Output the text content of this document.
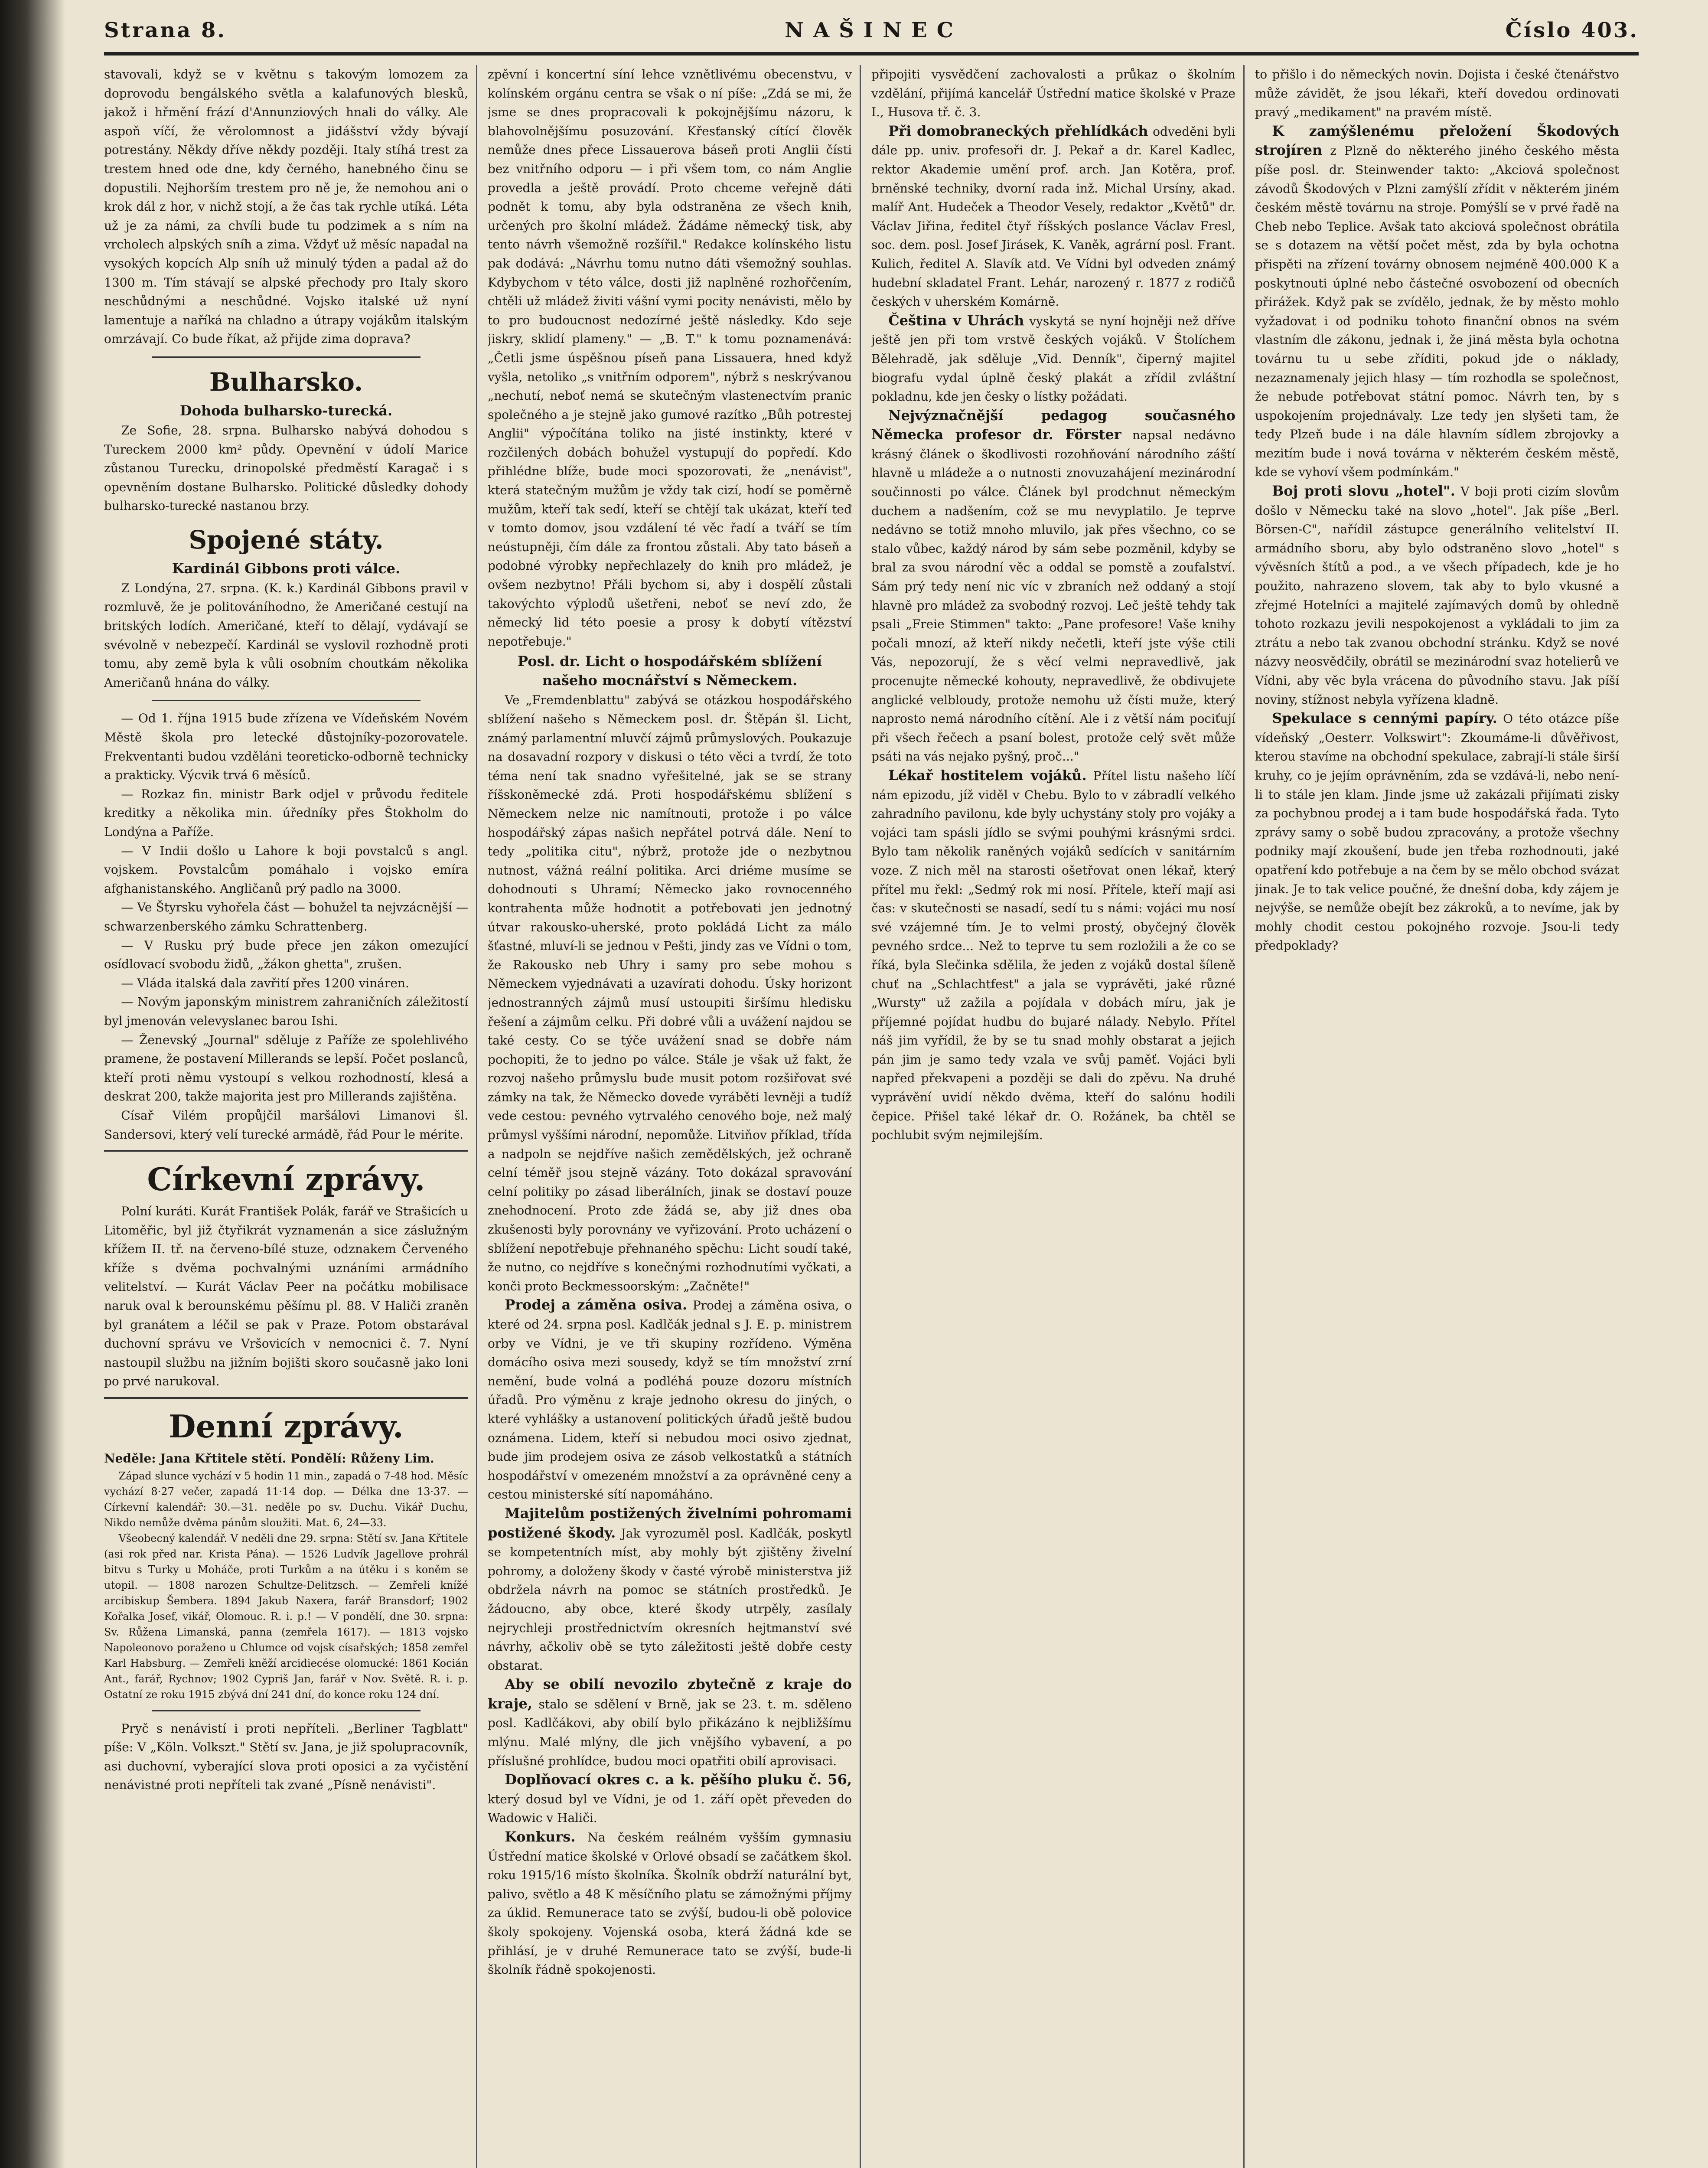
Strana 8.	NAŠINEC	Číslo 403.

stavovali, když se v květnu s takovým lomozem za doprovodu bengálského světla a kalafunových blesků, jakož i hřmění frází d'Annunziových hnali do války. Ale aspoň víčí, že věrolomnost a jidášství vždy bývají potrestány. Někdy dříve někdy později. Italy stíhá trest za trestem hned ode dne, kdy černého, hanebného činu se dopustili. Nejhorším trestem pro ně je, že nemohou ani o krok dál z hor, v nichž stojí, a že čas tak rychle utíká. Léta už je za námi, za chvíli bude tu podzimek a s ním na vrcholech alpských sníh a zima. Vždyť už měsíc napadal na vysokých kopcích Alp sníh už minulý týden a padal až do 1300 m. Tím stávají se alpské přechody pro Italy skoro neschůdnými a neschůdné. Vojsko italské už nyní lamentuje a naříká na chladno a útrapy vojákům italským omrzávají. Co bude říkat, až přijde zima doprava?

Bulharsko.
Dohoda bulharsko-turecká.

Ze Sofie, 28. srpna. Bulharsko nabývá dohodou s Tureckem 2000 km² půdy. Opevnění v údolí Marice zůstanou Turecku, drinopolské předměstí Karagač i s opevněním dostane Bulharsko. Politické důsledky dohody bulharsko-turecké nastanou brzy.

Spojené státy.
Kardinál Gibbons proti válce.

Z Londýna, 27. srpna. (K. k.) Kardinál Gibbons pravil v rozmluvě, že je politováníhodno, že Američané cestují na britských lodích. Američané, kteří to dělají, vydávají se svévolně v nebezpečí. Kardinál se vyslovil rozhodně proti tomu, aby země byla k vůli osobním choutkám několika Američanů hnána do války.

— Od 1. října 1915 bude zřízena ve Vídeňském Novém Městě škola pro letecké důstojníky-pozorovatele. Frekventanti budou vzděláni teoreticko-odborně technicky a prakticky. Výcvik trvá 6 měsíců.

— Rozkaz fin. ministr Bark odjel v průvodu ředitele kreditky a několika min. úředníky přes Štokholm do Londýna a Paříže.

— V Indii došlo u Lahore k boji povstalců s angl. vojskem. Povstalcům pomáhalo i vojsko emíra afghanistanského. Angličanů prý padlo na 3000.

— Ve Štyrsku vyhořela část — bohužel ta nejvzácnější — schwarzenberského zámku Schrattenberg.

— V Rusku prý bude přece jen zákon omezující osídlovací svobodu židů, „žákon ghetta", zrušen.

— Vláda italská dala zavřití přes 1200 vináren.

— Novým japonským ministrem zahraničních záležitostí byl jmenován velevyslanec barou Ishi.

— Ženevský „Journal" sděluje z Paříže ze spolehlivého pramene, že postavení Millerands se lepší. Počet poslanců, kteří proti němu vystoupí s velkou rozhodností, klesá a deskrat 200, takže majorita jest pro Millerands zajištěna.

Císař Vilém propůjčil maršálovi Limanovi šl. Sandersovi, který velí turecké armádě, řád Pour le mérite.

Církevní zprávy.

Polní kuráti. Kurát František Polák, farář ve Strašicích u Litoměřic, byl již čtyřikrát vyznamenán a sice záslužným křížem II. tř. na červeno-bílé stuze, odznakem Červeného kříže s dvěma pochvalnými uznáními armádního velitelství. — Kurát Václav Peer na počátku mobilisace naruk oval k berounskému pěšímu pl. 88. V Haliči zraněn byl granátem a léčil se pak v Praze. Potom obstarával duchovní správu ve Vršovicích v nemocnici č. 7. Nyní nastoupil službu na jižním bojišti skoro současně jako loni po prvé narukoval.

Denní zprávy.

Neděle: Jana Křtitele stětí. Pondělí: Růženy Lim.

Západ slunce vychází v 5 hodin 11 min., zapadá o 7-48 hod. Měsíc vychází 8·27 večer, zapadá 11·14 dop. — Délka dne 13·37. — Církevní kalendář: 30.—31. neděle po sv. Duchu. Vikář Duchu, Nikdo nemůže dvěma pánům sloužiti. Mat. 6, 24—33.

Všeobecný kalendář. V neděli dne 29. srpna: Stětí sv. Jana Křtitele (asi rok před nar. Krista Pána). — 1526 Ludvík Jagellove prohrál bitvu s Turky u Moháče, proti Turkům a na útěku i s koněm se utopil. — 1808 narozen Schultze-Delitzsch. — Zemřeli knížé arcibiskup Šembera. 1894 Jakub Naxera, farář Bransdorf; 1902 Kořalka Josef, vikář, Olomouc. R. i. p.! — V pondělí, dne 30. srpna: Sv. Růžena Limanská, panna (zemřela 1617). — 1813 vojsko Napoleonovo poraženo u Chlumce od vojsk císařských; 1858 zemřel Karl Habsburg. — Zemřeli kněží arcidiecése olomucké: 1861 Kocián Ant., farář, Rychnov; 1902 Cypriš Jan, farář v Nov. Světě. R. i. p. Ostatní ze roku 1915 zbývá dní 241 dní, do konce roku 124 dní.

Pryč s nenávistí i proti nepříteli. „Berliner Tagblatt" píše: V „Köln. Volkszt." Stětí sv. Jana, je již spolupracovník, asi duchovní, vyberající slova proti oposici a za vyčistění nenávistné proti nepříteli tak zvané „Písně nenávisti".

zpěvní i koncertní síní lehce vznětlivému obecenstvu, v kolínském orgánu centra se však o ní píše: „Zdá se mi, že jsme se dnes propracovali k pokojnějšímu názoru, k blahovolnějšímu posuzování. Křesťanský cítící člověk nemůže dnes přece Lissauerova báseň proti Anglii čísti bez vnitřního odporu — i při všem tom, co nám Anglie provedla a ještě provádí. Proto chceme veřejně dáti podnět k tomu, aby byla odstraněna ze všech knih, určených pro školní mládež. Žádáme německý tisk, aby tento návrh všemožně rozšířil." Redakce kolínského listu pak dodává: „Návrhu tomu nutno dáti všemožný souhlas. Kdybychom v této válce, dosti již naplněné rozhořčením, chtěli už mládež živiti vášní vymi pocity nenávisti, mělo by to pro budoucnost nedozírné ještě následky. Kdo seje jiskry, sklidí plameny." — „B. T." k tomu poznamenává: „Četli jsme úspěšnou píseň pana Lissauera, hned když vyšla, netoliko „s vnitřním odporem", nýbrž s neskrývanou „nechutí, neboť nemá se skutečným vlastenectvím pranic společného a je stejně jako gumové razítko „Bůh potrestej Anglii" výpočítána toliko na jisté instinkty, které v rozčilených dobách bohužel vystupují do popředí. Kdo přihlédne blíže, bude moci spozorovati, že „nenávist", která statečným mužům je vždy tak cizí, hodí se poměrně mužům, kteří tak sedí, kteří se chtějí tak ukázat, kteří teď v tomto domov, jsou vzdálení té věc řadí a tváří se tím neústupněji, čím dále za frontou zůstali. Aby tato báseň a podobné výrobky nepřechlazely do knih pro mládež, je ovšem nezbytno! Přáli bychom si, aby i dospělí zůstali takovýchto výplodů ušetřeni, neboť se neví zdo, že německý lid této poesie a prosy k dobytí vítězství nepotřebuje."

Posl. dr. Licht o hospodářském sblížení našeho mocnářství s Německem.

Ve „Fremdenblattu" zabývá se otázkou hospodářského sblížení našeho s Německem posl. dr. Štěpán šl. Licht, známý parlamentní mluvčí zájmů průmyslových. Poukazuje na dosavadní rozpory v diskusi o této věci a tvrdí, že toto téma není tak snadno vyřešitelné, jak se se strany říšskoněmecké zdá. Proti hospodářskému sblížení s Německem nelze nic namítnouti, protože i po válce hospodářský zápas našich nepřátel potrvá dále. Není to tedy „politika citu", nýbrž, protože jde o nezbytnou nutnost, vážná reální politika. Arci driéme musíme se dohodnouti s Uhramí; Německo jako rovnocenného kontrahenta může hodnotit a potřebovati jen jednotný útvar rakousko-uherské, proto pokládá Licht za málo šťastné, mluví-li se jednou v Pešti, jindy zas ve Vídni o tom, že Rakousko neb Uhry i samy pro sebe mohou s Německem vyjednávati a uzavírati dohodu. Úsky horizont jednostranných zájmů musí ustoupiti širšímu hledisku řešení a zájmům celku. Při dobré vůli a uvážení najdou se také cesty. Co se týče uvážení snad se dobře nám pochopiti, že to jedno po válce. Stále je však už fakt, že rozvoj našeho průmyslu bude musit potom rozšiřovat své zámky na tak, že Německo dovede vyráběti levněji a tudíž vede cestou: pevného vytrvalého cenového boje, než malý průmysl vyššími národní, nepomůže. Litviňov příklad, třída a nadpoln se nejdříve našich zemědělských, jež ochraně celní téměř jsou stejně vázány. Toto dokázal spravování celní politiky po zásad liberálních, jinak se dostaví pouze znehodnocení. Proto zde žádá se, aby již dnes oba zkušenosti byly porovnány ve vyřizování. Proto ucházení o sblížení nepotřebuje přehnaného spěchu: Licht soudí také, že nutno, co nejdříve s konečnými rozhodnutími vyčkati, a konči proto Beckmessoorským: „Začněte!"

Prodej a záměna osiva. Prodej a záměna osiva, o které od 24. srpna posl. Kadlčák jednal s J. E. p. ministrem orby ve Vídni, je ve tři skupiny rozřídeno. Výměna domácího osiva mezi sousedy, když se tím množství zrní nemění, bude volná a podléhá pouze dozoru místních úřadů. Pro výměnu z kraje jednoho okresu do jiných, o které vyhlášky a ustanovení politických úřadů ještě budou oznámena. Lidem, kteří si nebudou moci osivo zjednat, bude jim prodejem osiva ze zásob velkostatků a státních hospodářství v omezeném množství a za oprávněné ceny a cestou ministerské sítí napomáháno.

Majitelům postižených živelními pohromami postižené škody. Jak vyrozuměl posl. Kadlčák, poskytl se kompetentních míst, aby mohly být zjištěny živelní pohromy, a doloženy škody v časté výrobě ministerstva již obdržela návrh na pomoc se státních prostředků. Je žádoucno, aby obce, které škody utrpěly, zasílaly nejrychleji prostřednictvím okresních hejtmanství své návrhy, ačkoliv obě se tyto záležitosti ještě dobře cesty obstarat.

Aby se obilí nevozilo zbytečně z kraje do kraje, stalo se sdělení v Brně, jak se 23. t. m. sděleno posl. Kadlčákovi, aby obilí bylo přikázáno k nejbližšímu mlýnu. Malé mlýny, dle jich vnějšího vybavení, a po příslušné prohlídce, budou moci opatřiti obilí aprovisaci.

Doplňovací okres c. a k. pěšího pluku č. 56, který dosud byl ve Vídni, je od 1. září opět převeden do Wadowic v Haliči.

Konkurs. Na českém reálném vyšším gymnasiu Ústřední matice školské v Orlové obsadí se začátkem škol. roku 1915/16 místo školníka. Školník obdrží naturální byt, palivo, světlo a 48 K měsíčního platu se zámožnými příjmy za úklid. Remunerace tato se zvýší, budou-li obě polovice školy spokojeny. Vojenská osoba, která žádná kde se přihlásí, je v druhé Remunerace tato se zvýší, bude-li školník řádně spokojenosti.

připojiti vysvědčení zachovalosti a průkaz o školním vzdělání, přijímá kancelář Ústřední matice školské v Praze I., Husova tř. č. 3.

Při domobraneckých přehlídkách odveděni byli dále pp. univ. profesoři dr. J. Pekař a dr. Karel Kadlec, rektor Akademie umění prof. arch. Jan Kotěra, prof. brněnské techniky, dvorní rada inž. Michal Ursíny, akad. malíř Ant. Hudeček a Theodor Vesely, redaktor „Květů" dr. Václav Jiřina, ředitel čtyř říšských poslance Václav Fresl, soc. dem. posl. Josef Jirásek, K. Vaněk, agrární posl. Frant. Kulich, ředitel A. Slavík atd. Ve Vídni byl odveden známý hudební skladatel Frant. Lehár, narozený r. 1877 z rodičů českých v uherském Komárně.

Čeština v Uhrách vyskytá se nyní hojněji než dříve ještě jen při tom vrstvě českých vojáků. V Štolíchem Bělehradě, jak sděluje „Vid. Denník", čiperný majitel biografu vydal úplně český plakát a zřídil zvláštní pokladnu, kde jen česky o lístky požádati.

Nejvýznačnější pedagog současného Německa profesor dr. Förster napsal nedávno krásný článek o škodlivosti rozohňování národního záští hlavně u mládeže a o nutnosti znovuzahájení mezinárodní součinnosti po válce. Článek byl prodchnut německým duchem a nadšením, což se mu nevyplatilo. Je teprve nedávno se totiž mnoho mluvilo, jak přes všechno, co se stalo vůbec, každý národ by sám sebe pozměnil, kdyby se bral za svou národní věc a oddal se pomstě a zoufalství. Sám prý tedy není nic víc v zbraních než oddaný a stojí hlavně pro mládež za svobodný rozvoj. Leč ještě tehdy tak psali „Freie Stimmen" takto: „Pane profesore! Vaše knihy počali mnozí, až kteří nikdy nečetli, kteří jste výše ctili Vás, nepozorují, že s věcí velmi nepravedlivě, jak procenujte německé kohouty, nepravedlivě, že obdivujete anglické velbloudy, protože nemohu už čísti muže, který naprosto nemá národního cítění. Ale i z větší nám pociťují při všech řečech a psaní bolest, protože celý svět může psáti na vás nejako pyšný, proč..."

Lékař hostitelem vojáků. Přítel listu našeho líčí nám epizodu, jíž viděl v Chebu. Bylo to v zábradlí velkého zahradního pavilonu, kde byly uchystány stoly pro vojáky a vojáci tam spásli jídlo se svými pouhými krásnými srdci. Bylo tam několik raněných vojáků sedících v sanitárním voze. Z nich měl na starosti ošetřovat onen lékař, který přítel mu řekl: „Sedmý rok mi nosí. Přítele, kteří mají asi čas: v skutečnosti se nasadí, sedí tu s námi: vojáci mu nosí své vzájemné tím. Je to velmi prostý, obyčejný člověk pevného srdce... Než to teprve tu sem rozložili a že co se říká, byla Slečinka sdělila, že jeden z vojáků dostal šíleně chuť na „Schlachtfest" a jala se vyprávěti, jaké různé „Wursty" už zažila a pojídala v dobách míru, jak je příjemné pojídat hudbu do bujaré nálady. Nebylo. Přítel náš jim vyřídil, že by se tu snad mohly obstarat a jejich pán jim je samo tedy vzala ve svůj paměť. Vojáci byli napřed překvapeni a později se dali do zpěvu. Na druhé vyprávění uvidí někdo dvěma, kteří do salónu hodili čepice. Přišel také lékař dr. O. Rožánek, ba chtěl se pochlubit svým nejmilejším.

to přišlo i do německých novin. Dojista i české čtenářstvo může závidět, že jsou lékaři, kteří dovedou ordinovati pravý „medikament" na pravém místě.

K zamýšlenému přeložení Škodových strojíren z Plzně do některého jiného českého města píše posl. dr. Steinwender takto: „Akciová společnost závodů Škodových v Plzni zamýšlí zřídit v některém jiném českém městě továrnu na stroje. Pomýšlí se v prvé řadě na Cheb nebo Teplice. Avšak tato akciová společnost obrátila se s dotazem na větší počet měst, zda by byla ochotna přispěti na zřízení továrny obnosem nejméně 400.000 K a poskytnouti úplné nebo částečné osvobození od obecních přirážek. Když pak se zvídělo, jednak, že by město mohlo vyžadovat i od podniku tohoto finanční obnos na svém vlastním dle zákonu, jednak i, že jiná města byla ochotna továrnu tu u sebe zříditi, pokud jde o náklady, nezaznamenaly jejich hlasy — tím rozhodla se společnost, že nebude potřebovat státní pomoc. Návrh ten, by s uspokojením projednávaly. Lze tedy jen slyšeti tam, že tedy Plzeň bude i na dále hlavním sídlem zbrojovky a mezitím bude i nová továrna v některém českém městě, kde se vyhoví všem podmínkám."

Boj proti slovu „hotel". V boji proti cizím slovům došlo v Německu také na slovo „hotel". Jak píše „Berl. Börsen-C", nařídil zástupce generálního velitelství II. armádního sboru, aby bylo odstraněno slovo „hotel" s vývěsních štítů a pod., a ve všech případech, kde je ho použito, nahrazeno slovem, tak aby to bylo vkusné a zřejmé Hotelníci a majitelé zajímavých domů by ohledně tohoto rozkazu jevili nespokojenost a vykládali to jim za ztrátu a nebo tak zvanou obchodní stránku. Když se nové názvy neosvědčily, obrátil se mezinárodní svaz hotelierů ve Vídni, aby věc byla vrácena do původního stavu. Jak píší noviny, stížnost nebyla vyřízena kladně.

Spekulace s cennými papíry. O této otázce píše vídeňský „Oesterr. Volkswirt": Zkoumáme-li důvěřivost, kterou stavíme na obchodní spekulace, zabrají-li stále širší kruhy, co je jejím oprávněním, zda se vzdává-li, nebo není-li to stále jen klam. Jinde jsme už zakázali přijímati zisky za pochybnou prodej a i tam bude hospodářská řada. Tyto zprávy samy o sobě budou zpracovány, a protože všechny podniky mají zkoušení, bude jen třeba rozhodnouti, jaké opatření kdo potřebuje a na čem by se mělo obchod svázat jinak. Je to tak velice poučné, že dnešní doba, kdy zájem je nejvýše, se nemůže obejít bez zákroků, a to nevíme, jak by mohly chodit cestou pokojného rozvoje. Jsou-li tedy předpoklady?
